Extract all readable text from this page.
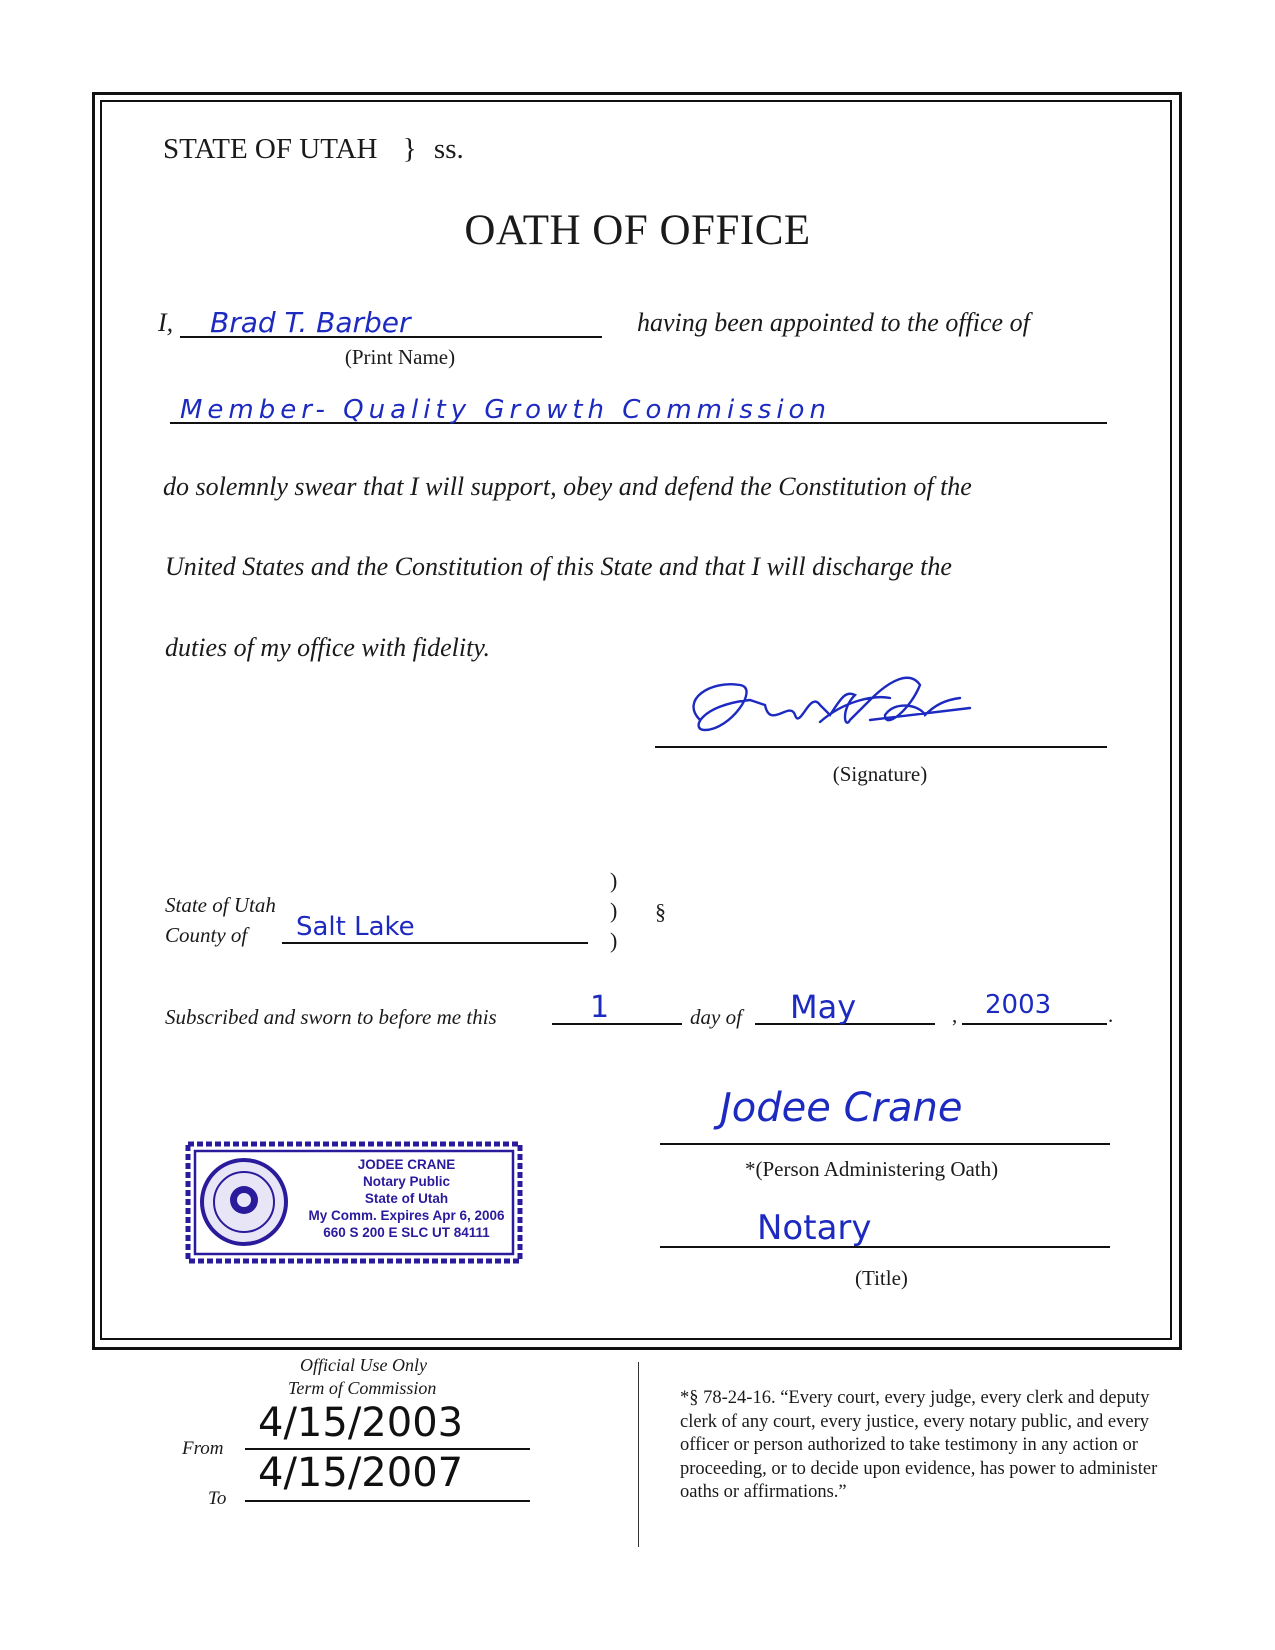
STATE OF UTAH } ss.
OATH OF OFFICE
I, Brad T. Barber
(Print Name)
having been appointed to the office of
Member- Quality Growth Commission
do solemnly swear that I will support, obey and defend the Constitution of the
United States and the Constitution of this State and that I will discharge the
duties of my office with fidelity.
(Signature)
State of Utah
County of Salt Lake
)
)
)
§
Subscribed and sworn to before me this	1	day of May	, 2003	.
Jodee Crane
*(Person Administering Oath)
Notary
(Title)
JODEE CRANE
Notary Public
State of Utah
My Comm. Expires Apr 6, 2006
660 S 200 E SLC UT 84111
Official Use Only
Term of Commission
From
4/15/2003
To
4/15/2007
*§ 78-24-16. “Every court, every judge, every clerk and deputy clerk of any court, every justice, every notary public, and every officer or person authorized to take testimony in any action or proceeding, or to decide upon evidence, has power to administer oaths or affirmations.”
